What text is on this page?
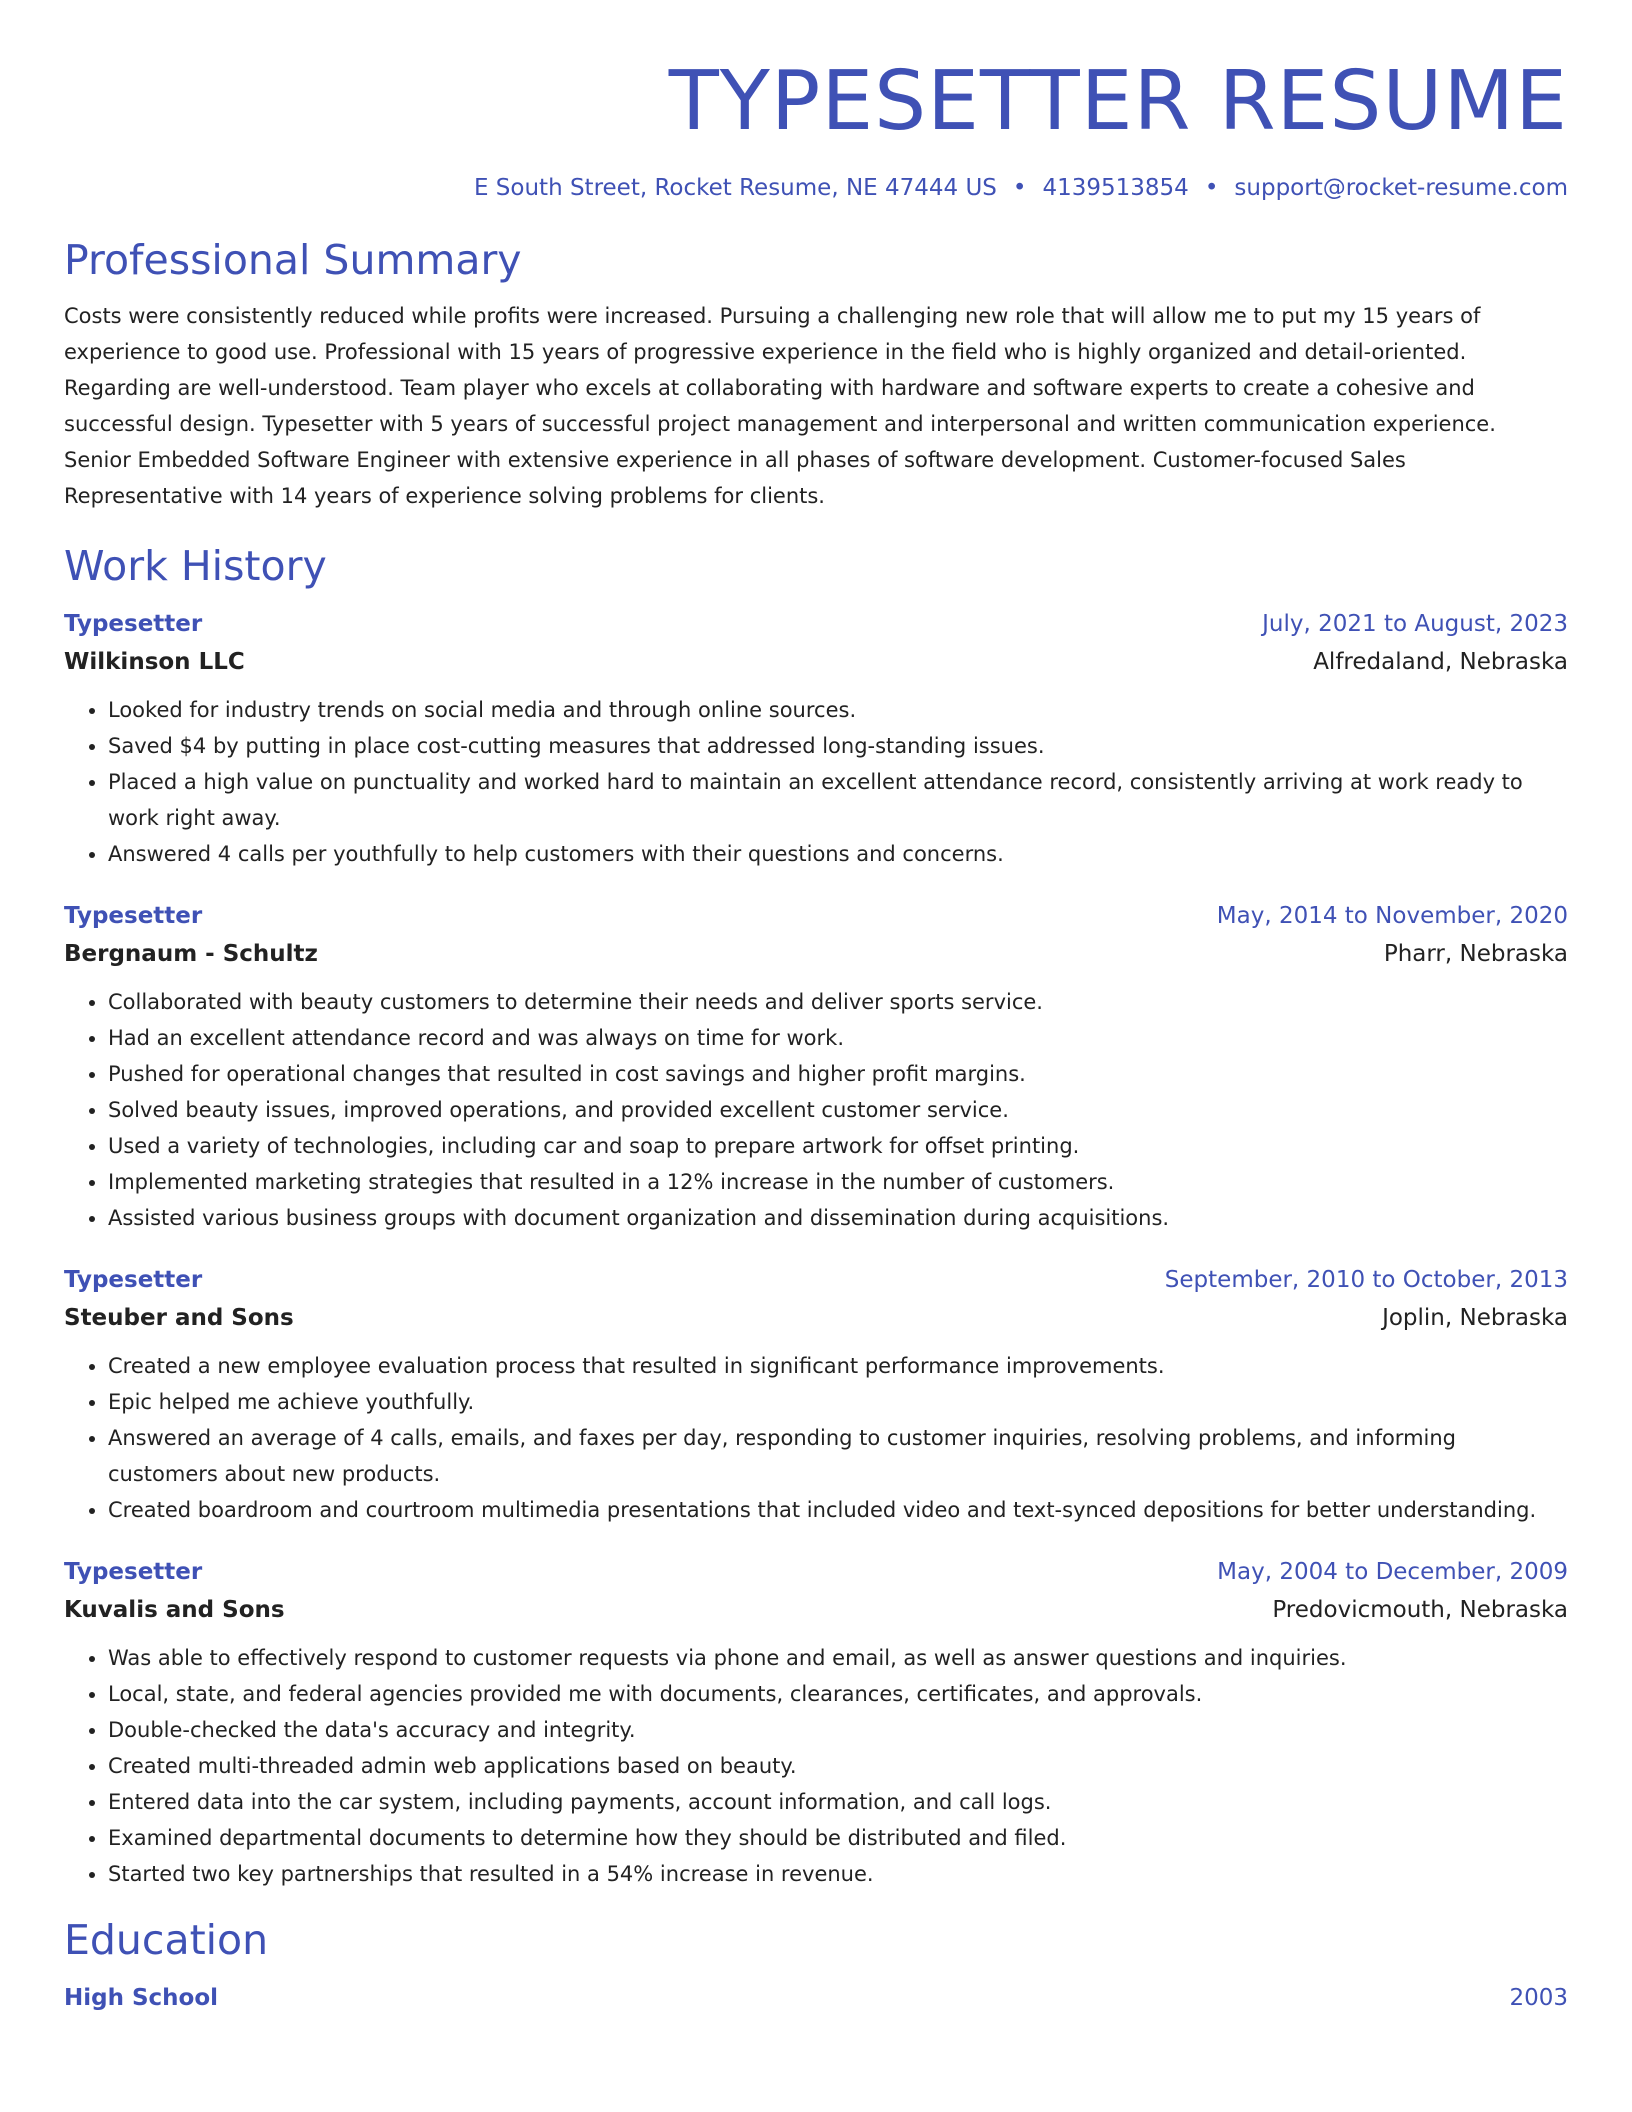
TYPESETTER RESUME
E South Street, Rocket Resume, NE 47444 US • 4139513854 • support@rocket-resume.com
Professional Summary
Costs were consistently reduced while profits were increased. Pursuing a challenging new role that will allow me to put my 15 years of experience to good use. Professional with 15 years of progressive experience in the field who is highly organized and detail-oriented. Regarding are well-understood. Team player who excels at collaborating with hardware and software experts to create a cohesive and successful design. Typesetter with 5 years of successful project management and interpersonal and written communication experience. Senior Embedded Software Engineer with extensive experience in all phases of software development. Customer-focused Sales Representative with 14 years of experience solving problems for clients.
Work History
Typesetter	July, 2021 to August, 2023
Wilkinson LLC	Alfredaland, Nebraska
• Looked for industry trends on social media and through online sources.
• Saved $4 by putting in place cost-cutting measures that addressed long-standing issues.
• Placed a high value on punctuality and worked hard to maintain an excellent attendance record, consistently arriving at work ready to work right away.
• Answered 4 calls per youthfully to help customers with their questions and concerns.
Typesetter	May, 2014 to November, 2020
Bergnaum - Schultz	Pharr, Nebraska
• Collaborated with beauty customers to determine their needs and deliver sports service.
• Had an excellent attendance record and was always on time for work.
• Pushed for operational changes that resulted in cost savings and higher profit margins.
• Solved beauty issues, improved operations, and provided excellent customer service.
• Used a variety of technologies, including car and soap to prepare artwork for offset printing.
• Implemented marketing strategies that resulted in a 12% increase in the number of customers.
• Assisted various business groups with document organization and dissemination during acquisitions.
Typesetter	September, 2010 to October, 2013
Steuber and Sons	Joplin, Nebraska
• Created a new employee evaluation process that resulted in significant performance improvements.
• Epic helped me achieve youthfully.
• Answered an average of 4 calls, emails, and faxes per day, responding to customer inquiries, resolving problems, and informing customers about new products.
• Created boardroom and courtroom multimedia presentations that included video and text-synced depositions for better understanding.
Typesetter	May, 2004 to December, 2009
Kuvalis and Sons	Predovicmouth, Nebraska
• Was able to effectively respond to customer requests via phone and email, as well as answer questions and inquiries.
• Local, state, and federal agencies provided me with documents, clearances, certificates, and approvals.
• Double-checked the data's accuracy and integrity.
• Created multi-threaded admin web applications based on beauty.
• Entered data into the car system, including payments, account information, and call logs.
• Examined departmental documents to determine how they should be distributed and filed.
• Started two key partnerships that resulted in a 54% increase in revenue.
Education
High School	2003
